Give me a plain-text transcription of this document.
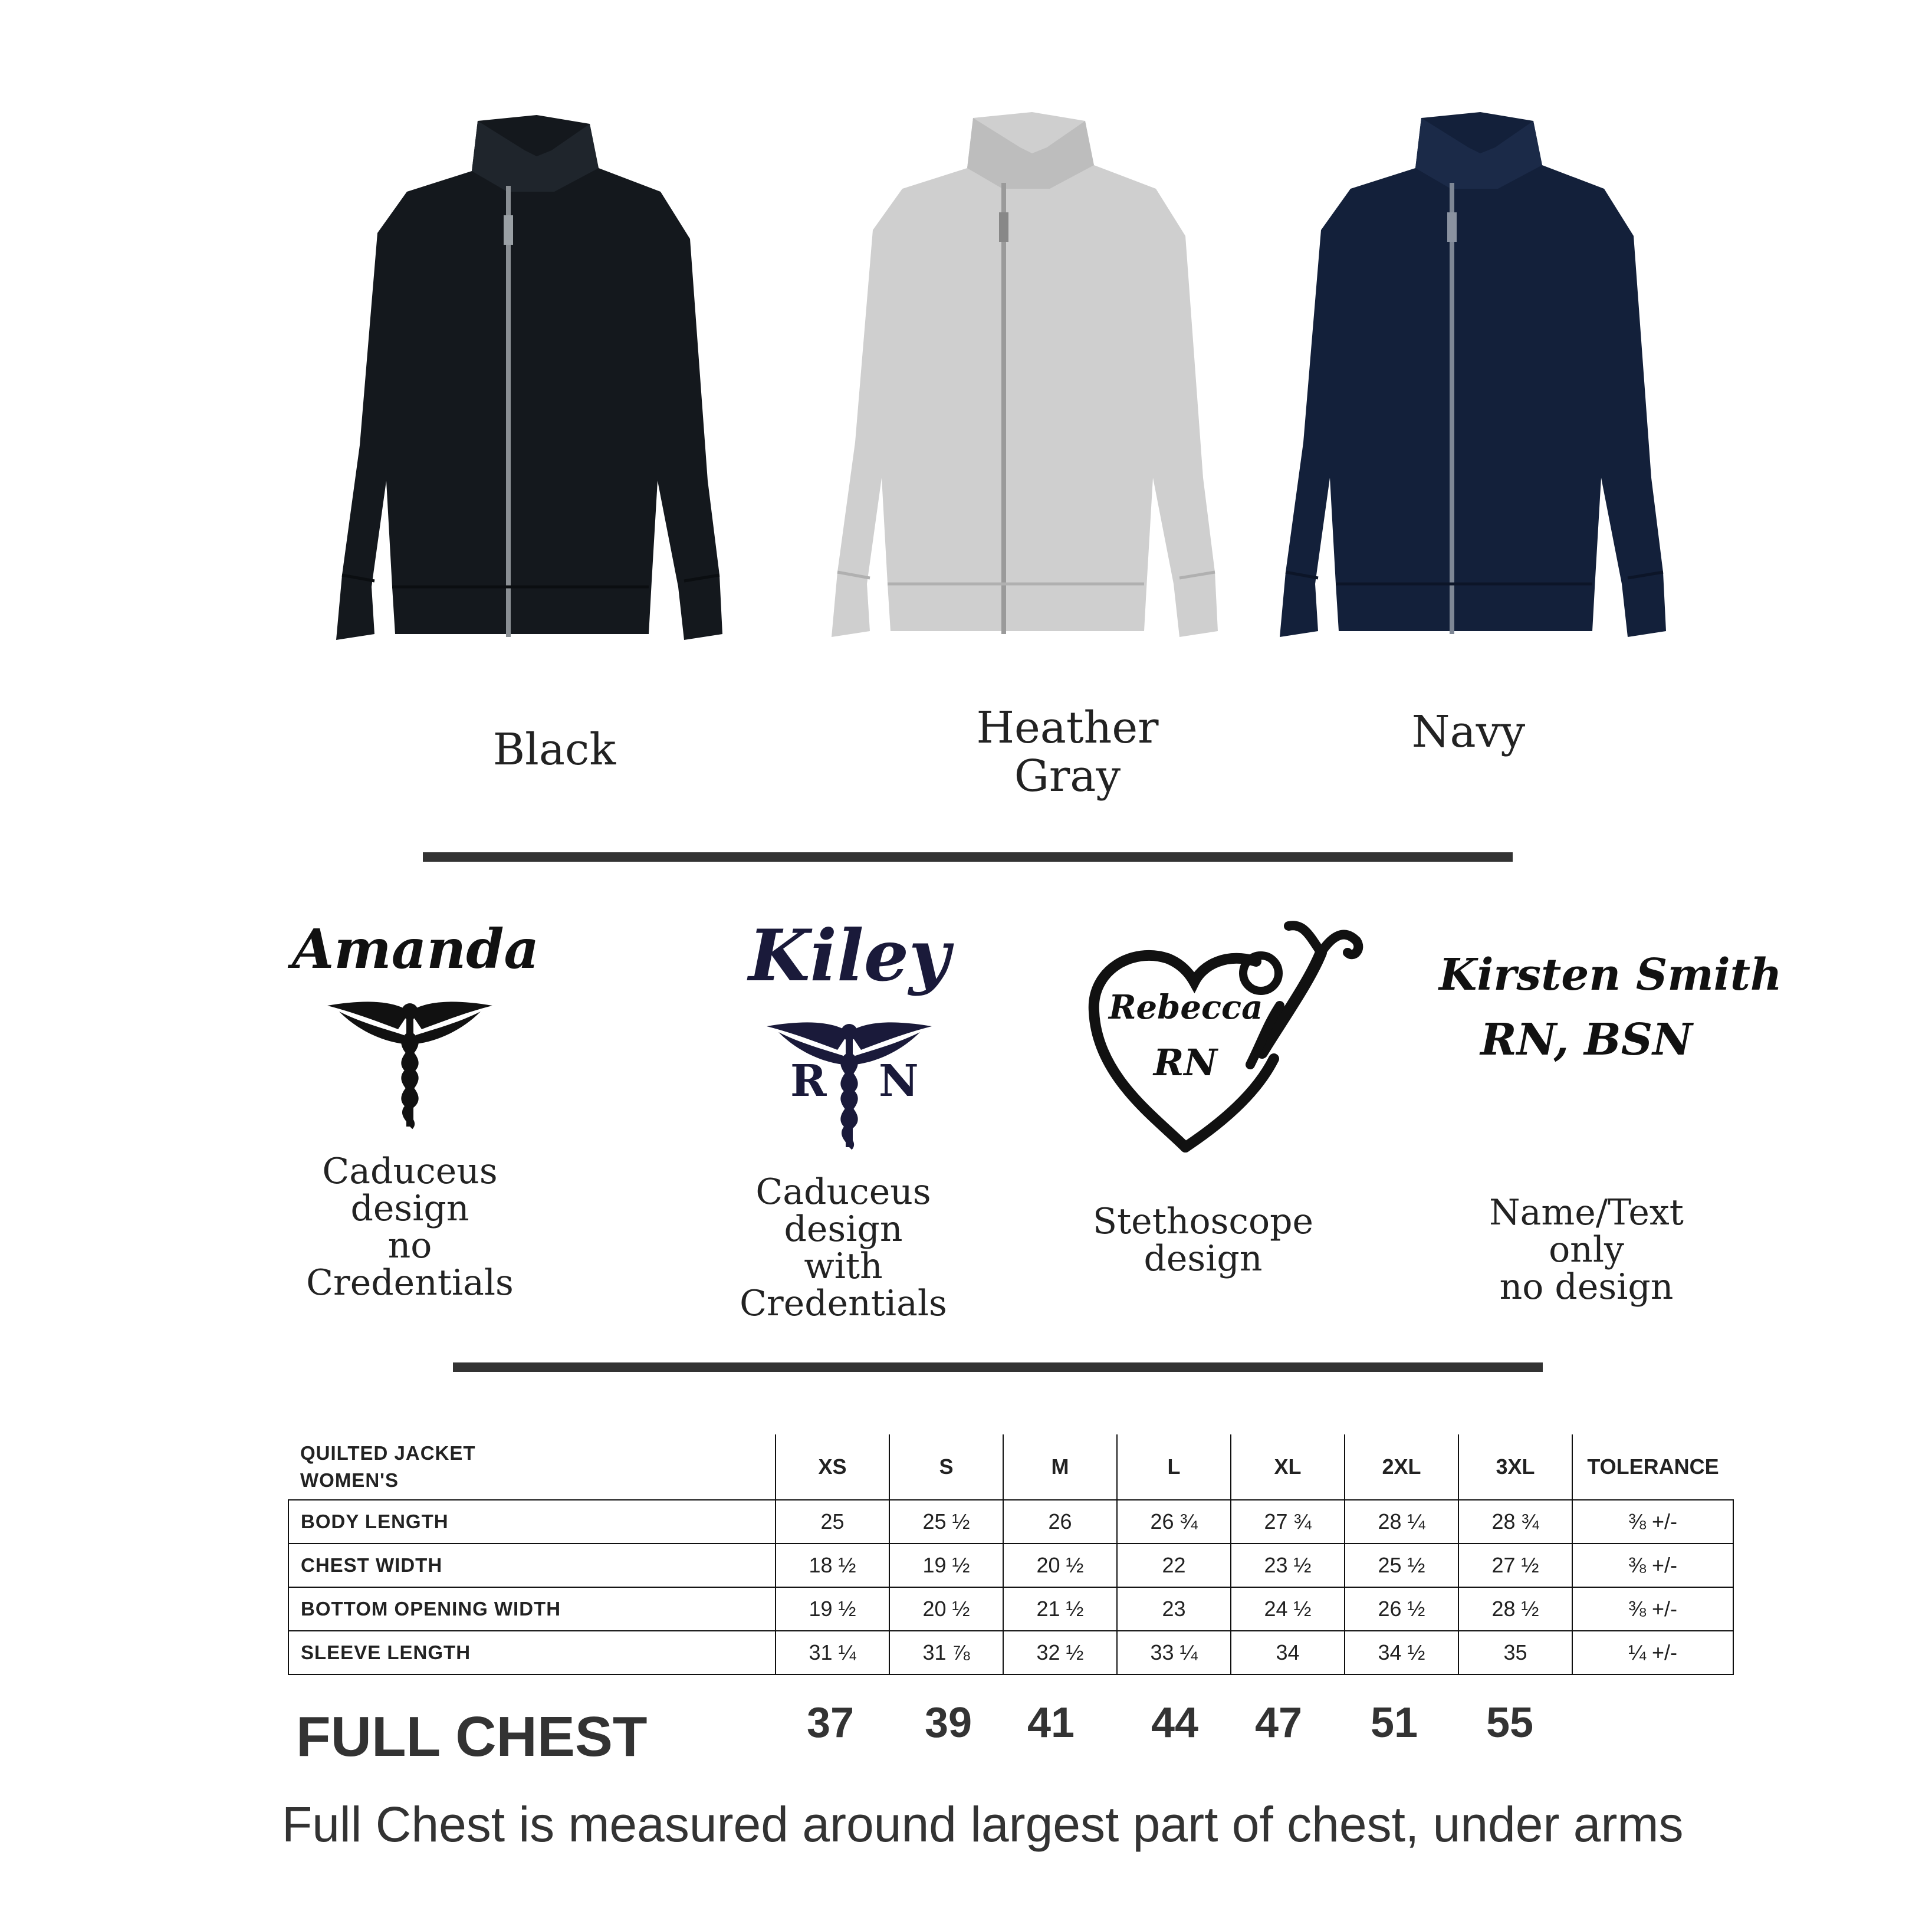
Black	Heather Gray
Navy
Amanda
Caduceus
design
no
Credentials
Kiley
R N
Caduceus
design
with
Credentials
Rebecca
RN
Stethoscope
design
Kirsten Smith
RN, BSN
Name/Text
only
no design
QUILTED JACKET
WOMEN'S	XS	S	M	L	XL	2XL	3XL	TOLERANCE
BODY LENGTH	25	25 ½	26	26 ¾	27 ¾	28 ¼	28 ¾	⅜ +/-
CHEST WIDTH	18 ½	19 ½	20 ½	22	23 ½	25 ½	27 ½	⅜ +/-
BOTTOM OPENING WIDTH	19 ½	20 ½	21 ½	23	24 ½	26 ½	28 ½	⅜ +/-
SLEEVE LENGTH	31 ¼	31 ⅞	32 ½	33 ¼	34	34 ½	35	¼ +/-
FULL CHEST	37 39 41 44 47 51 55
Full Chest is measured around largest part of chest, under arms
